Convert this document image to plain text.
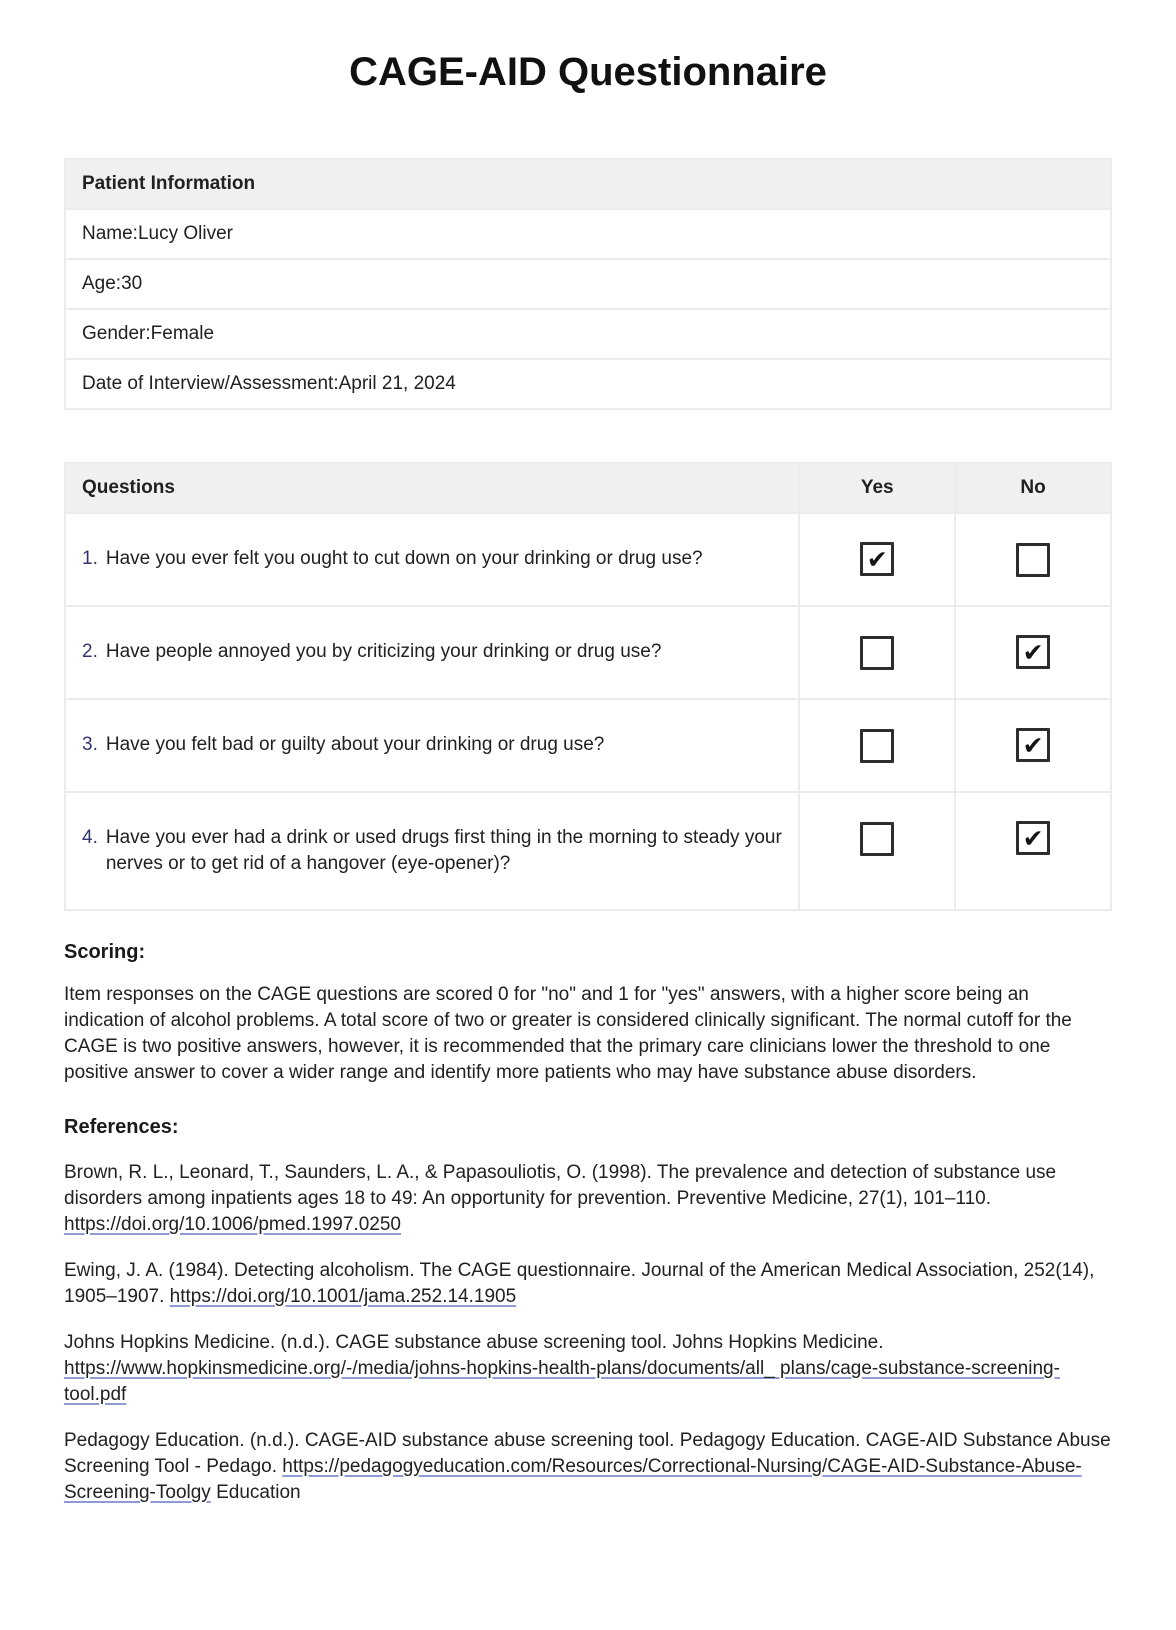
CAGE-AID Questionnaire
Patient Information
Name:Lucy Oliver
Age:30
Gender:Female
Date of Interview/Assessment:April 21, 2024
Questions	Yes	No

1. Have you ever felt you ought to cut down on your drinking or drug use?	✔	

2. Have people annoyed you by criticizing your drinking or drug use?		✔

3. Have you felt bad or guilty about your drinking or drug use?		✔

4. Have you ever had a drink or used drugs first thing in the morning to steady your nerves or to get rid of a hangover (eye-opener)?		✔
Scoring:

Item responses on the CAGE questions are scored 0 for "no" and 1 for "yes" answers, with a higher score being an indication of alcohol problems. A total score of two or greater is considered clinically significant. The normal cutoff for the CAGE is two positive answers, however, it is recommended that the primary care clinicians lower the threshold to one positive answer to cover a wider range and identify more patients who may have substance abuse disorders.

References:

Brown, R. L., Leonard, T., Saunders, L. A., & Papasouliotis, O. (1998). The prevalence and detection of substance use disorders among inpatients ages 18 to 49: An opportunity for prevention. Preventive Medicine, 27(1), 101–110. https://doi.org/10.1006/pmed.1997.0250

Ewing, J. A. (1984). Detecting alcoholism. The CAGE questionnaire. Journal of the American Medical Association, 252(14), 1905–1907. https://doi.org/10.1001/jama.252.14.1905

Johns Hopkins Medicine. (n.d.). CAGE substance abuse screening tool. Johns Hopkins Medicine. https://www.hopkinsmedicine.org/-/media/johns-hopkins-health-plans/documents/all_ plans/cage-substance-screening-tool.pdf

Pedagogy Education. (n.d.). CAGE-AID substance abuse screening tool. Pedagogy Education. CAGE-AID Substance Abuse Screening Tool - Pedago. https://pedagogyeducation.com/Resources/Correctional-Nursing/CAGE-AID-Substance-Abuse-Screening-Toolgy Education
